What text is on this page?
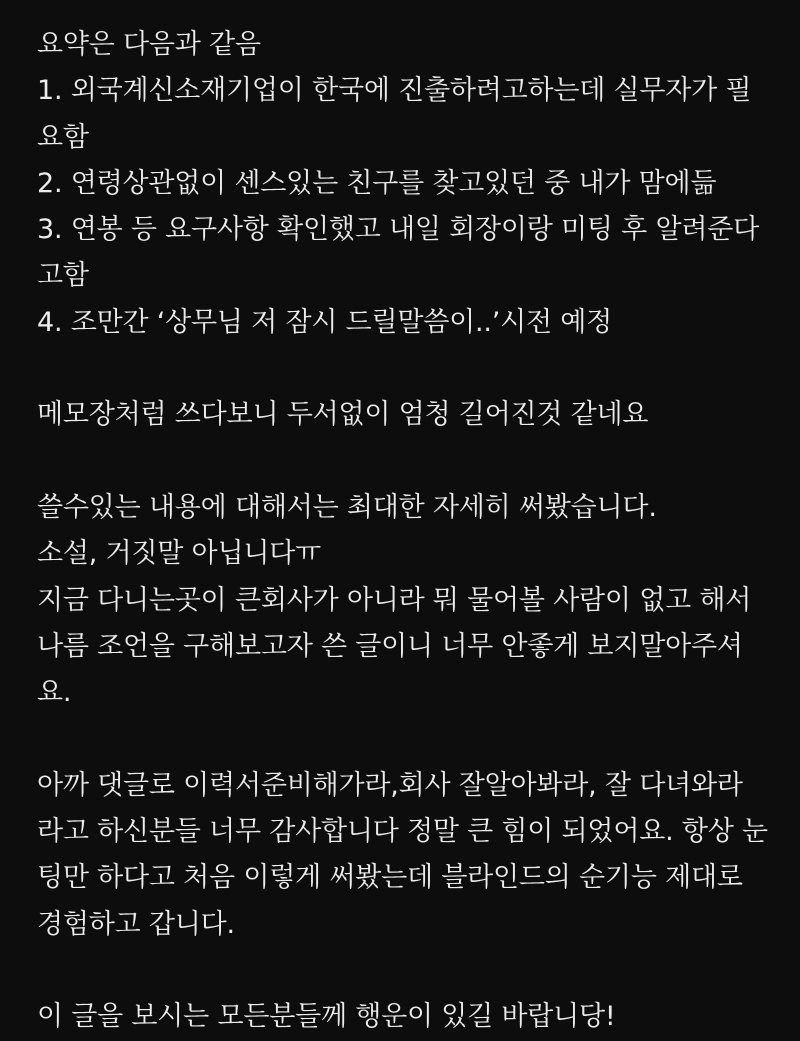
요약은 다음과 같음
1. 외국계신소재기업이 한국에 진출하려고하는데 실무자가 필
요함
2. 연령상관없이 센스있는 친구를 찾고있던 중 내가 맘에듦
3. 연봉 등 요구사항 확인했고 내일 회장이랑 미팅 후 알려준다
고함
4. 조만간 ‘상무님 저 잠시 드릴말씀이..’시전 예정
메모장처럼 쓰다보니 두서없이 엄청 길어진것 같네요
쓸수있는 내용에 대해서는 최대한 자세히 써봤습니다.
소설, 거짓말 아닙니다ㅠ
지금 다니는곳이 큰회사가 아니라 뭐 물어볼 사람이 없고 해서
나름 조언을 구해보고자 쓴 글이니 너무 안좋게 보지말아주셔
요.
아까 댓글로 이력서준비해가라,회사 잘알아봐라, 잘 다녀와라
라고 하신분들 너무 감사합니다 정말 큰 힘이 되었어요. 항상 눈
팅만 하다고 처음 이렇게 써봤는데 블라인드의 순기능 제대로
경험하고 갑니다.
이 글을 보시는 모든분들께 행운이 있길 바랍니당!
